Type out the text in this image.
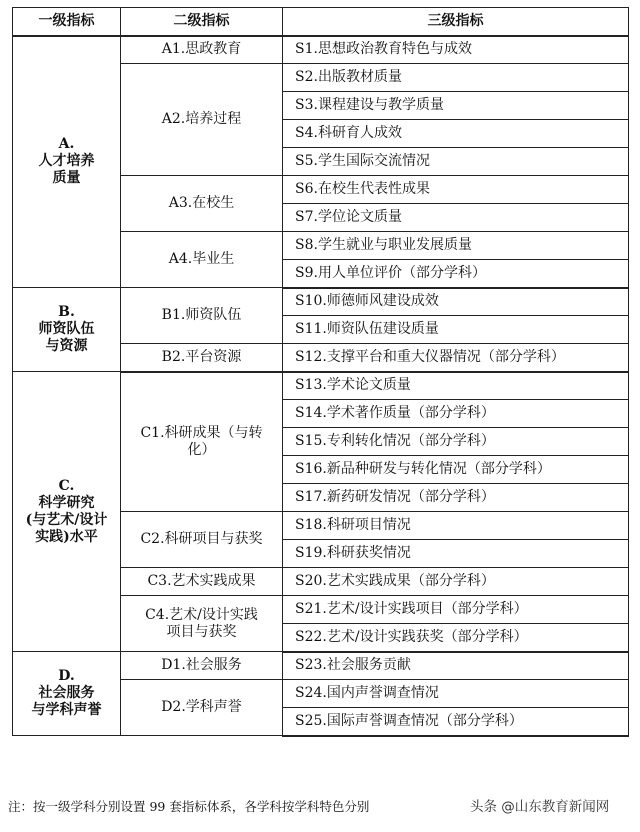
一级指标	二级指标	三级指标

A.
人才培养
质量	A1.思政教育	S1.思想政治教育特色与成效
	A2.培养过程	S2.出版教材质量
		S3.课程建设与教学质量
		S4.科研育人成效
		S5.学生国际交流情况
	A3.在校生	S6.在校生代表性成果
		S7.学位论文质量
	A4.毕业生	S8.学生就业与职业发展质量
		S9.用人单位评价（部分学科）

B.
师资队伍
与资源	B1.师资队伍	S10.师德师风建设成效
		S11.师资队伍建设质量
	B2.平台资源	S12.支撑平台和重大仪器情况（部分学科）

C.
科学研究
(与艺术/设计
实践)水平	C1.科研成果（与转
化）	S13.学术论文质量
		S14.学术著作质量（部分学科）
		S15.专利转化情况（部分学科）
		S16.新品种研发与转化情况（部分学科）
		S17.新药研发情况（部分学科）
	C2.科研项目与获奖	S18.科研项目情况
		S19.科研获奖情况
	C3.艺术实践成果	S20.艺术实践成果（部分学科）
	C4.艺术/设计实践
项目与获奖	S21.艺术/设计实践项目（部分学科）
		S22.艺术/设计实践获奖（部分学科）

D.
社会服务
与学科声誉	D1.社会服务	S23.社会服务贡献
	D2.学科声誉	S24.国内声誉调查情况
		S25.国际声誉调查情况（部分学科）
注：按一级学科分别设置 99 套指标体系，各学科按学科特色分别	头条 @山东教育新闻网
